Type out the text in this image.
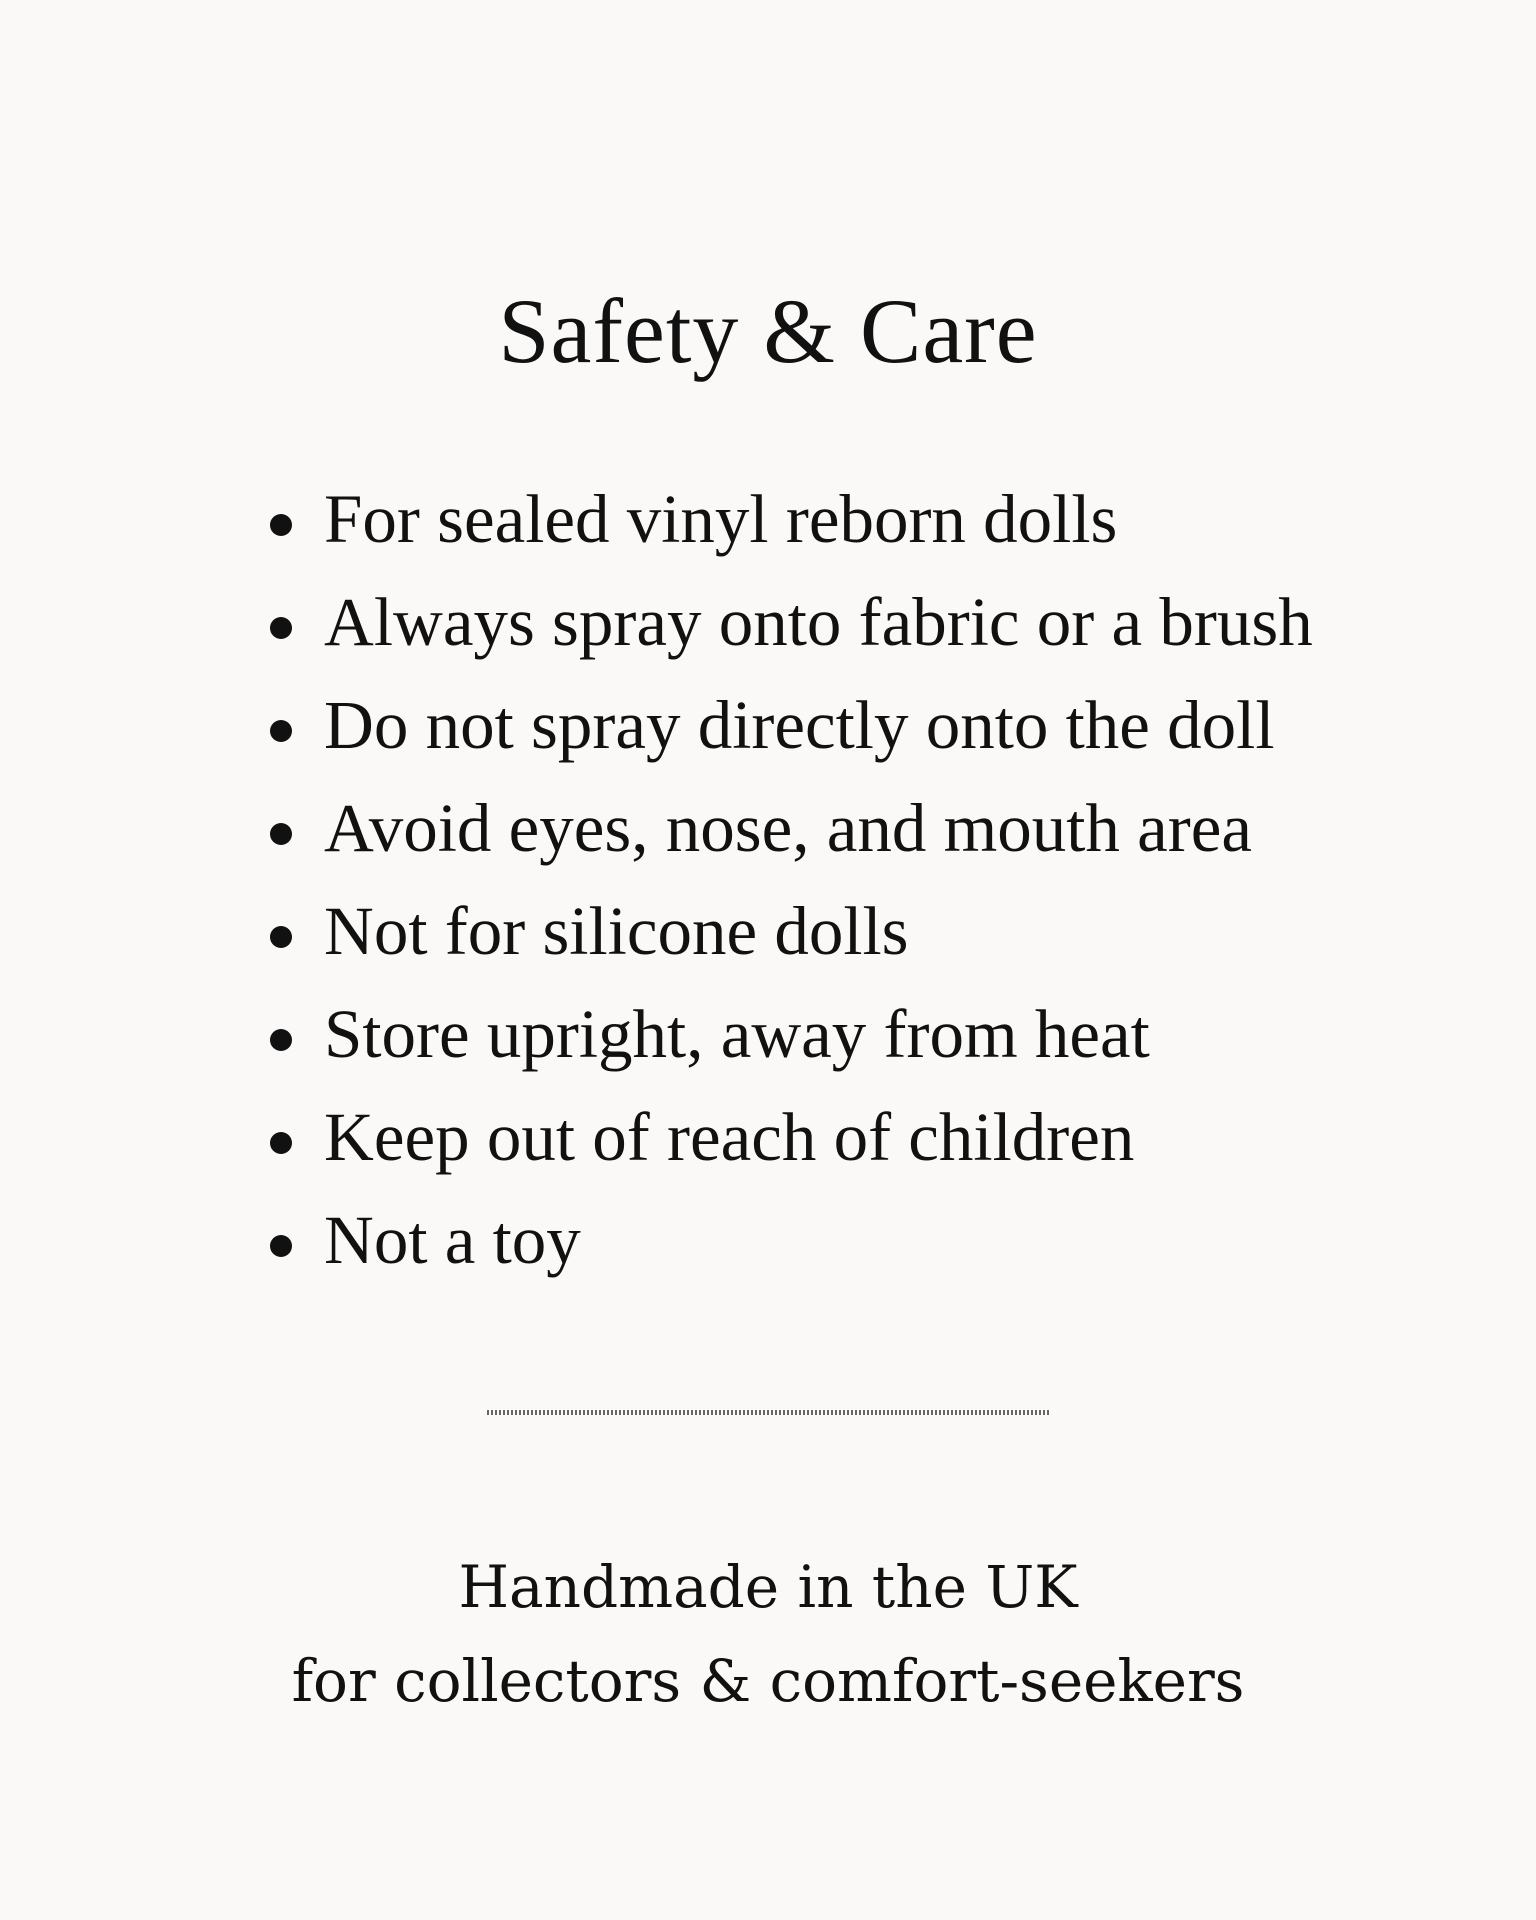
Safety & Care
For sealed vinyl reborn dolls
Always spray onto fabric or a brush
Do not spray directly onto the doll
Avoid eyes, nose, and mouth area
Not for silicone dolls
Store upright, away from heat
Keep out of reach of children
Not a toy
Handmade in the UK
for collectors & comfort-seekers
